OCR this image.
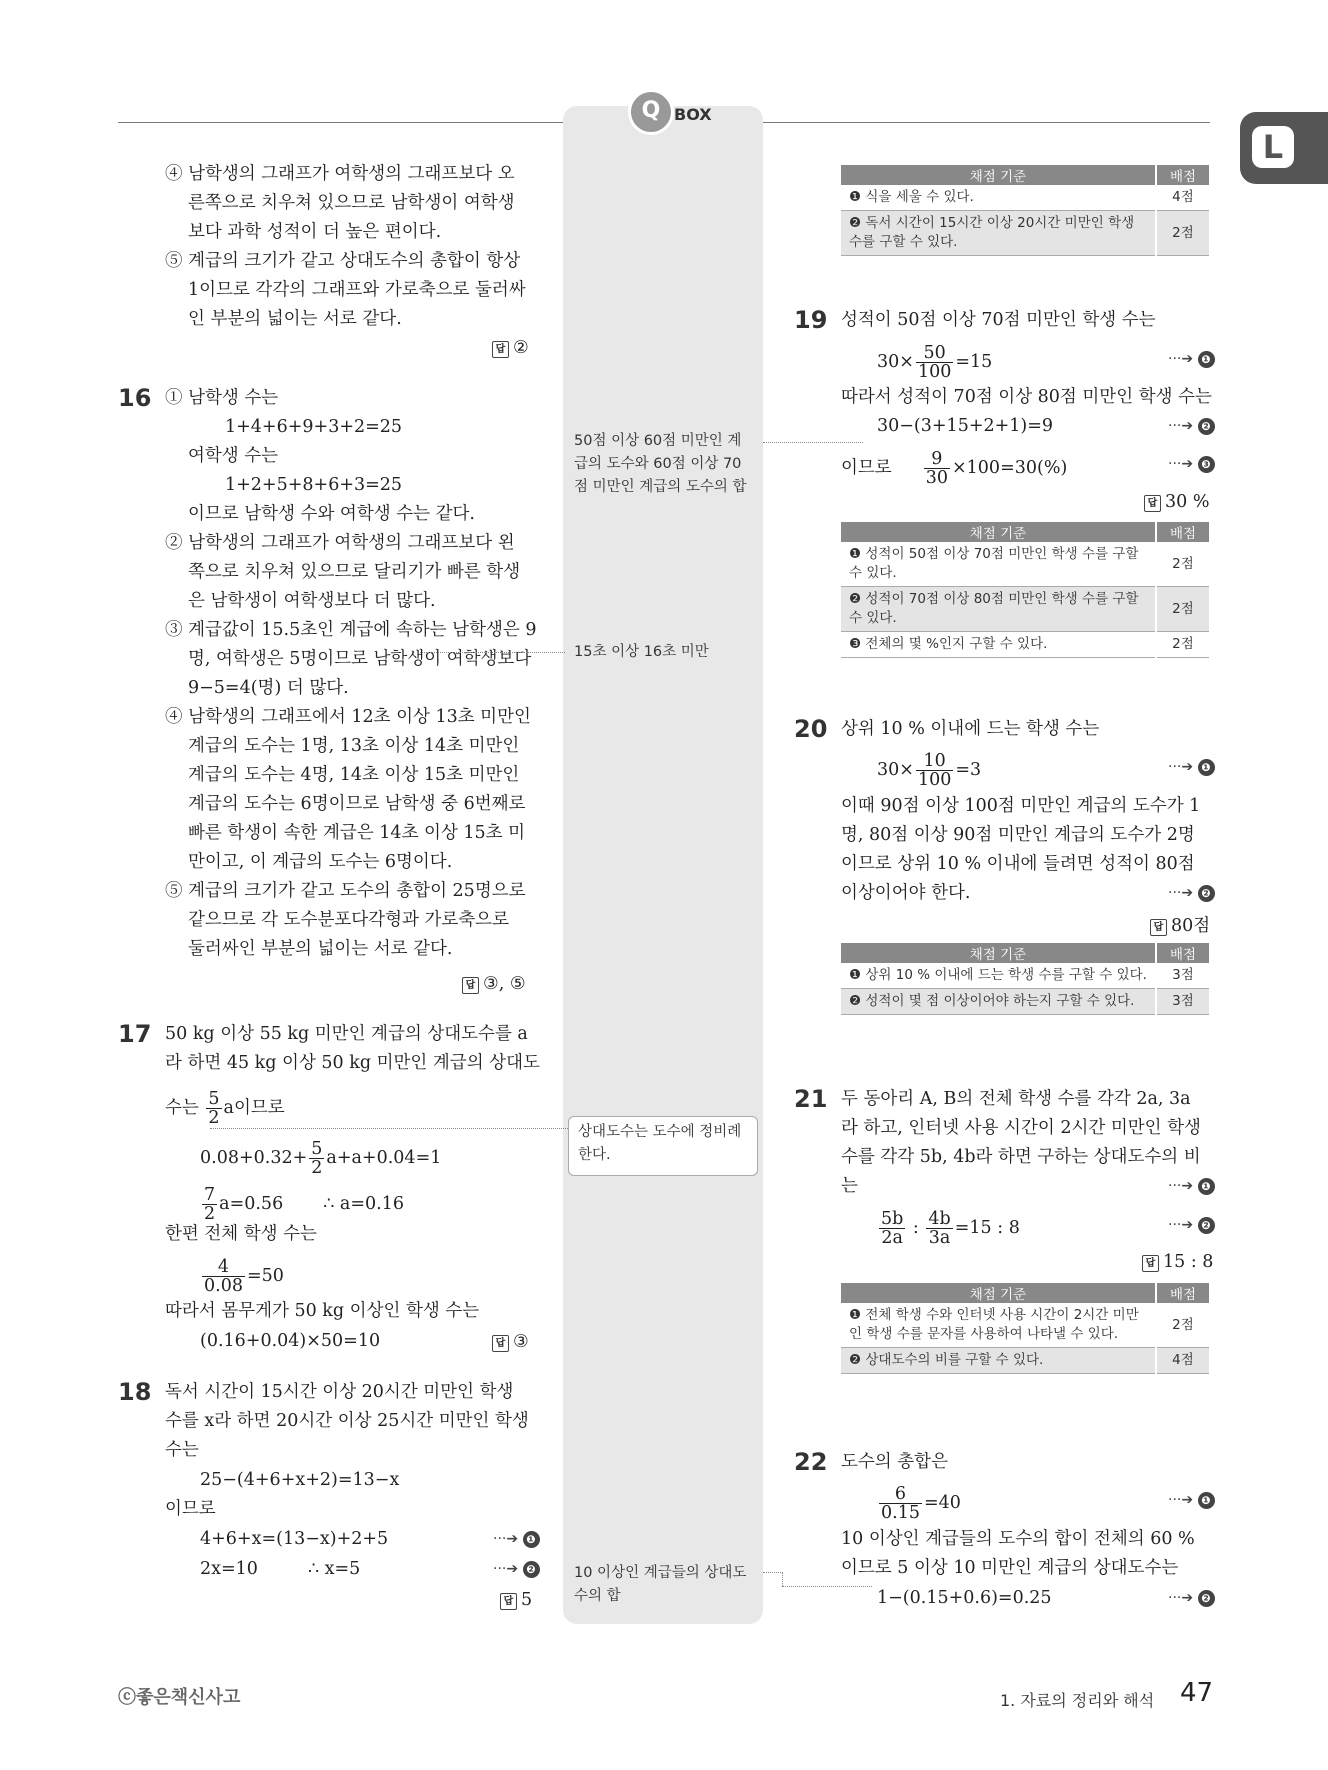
Q BOX
L
④ 남학생의 그래프가 여학생의 그래프보다 오
른쪽으로 치우쳐 있으므로 남학생이 여학생
보다 과학 성적이 더 높은 편이다.
⑤ 계급의 크기가 같고 상대도수의 총합이 항상
1이므로 각각의 그래프와 가로축으로 둘러싸
인 부분의 넓이는 서로 같다.
답 ②
16 ① 남학생 수는
1+4+6+9+3+2=25
여학생 수는
1+2+5+8+6+3=25
이므로 남학생 수와 여학생 수는 같다.
② 남학생의 그래프가 여학생의 그래프보다 왼
쪽으로 치우쳐 있으므로 달리기가 빠른 학생
은 남학생이 여학생보다 더 많다.
③ 계급값이 15.5초인 계급에 속하는 남학생은 9
명, 여학생은 5명이므로 남학생이 여학생보다
9−5=4(명) 더 많다.
④ 남학생의 그래프에서 12초 이상 13초 미만인
계급의 도수는 1명, 13초 이상 14초 미만인
계급의 도수는 4명, 14초 이상 15초 미만인
계급의 도수는 6명이므로 남학생 중 6번째로
빠른 학생이 속한 계급은 14초 이상 15초 미
만이고, 이 계급의 도수는 6명이다.
⑤ 계급의 크기가 같고 도수의 총합이 25명으로
같으므로 각 도수분포다각형과 가로축으로
둘러싸인 부분의 넓이는 서로 같다.
답 ③, ⑤
17 50 kg 이상 55 kg 미만인 계급의 상대도수를 a
라 하면 45 kg 이상 50 kg 미만인 계급의 상대도
수는 $\frac{5}{2}$ a이므로
$0.08+0.32+ \frac{5}{2} a+a+0.04=1$
$\frac{7}{2} a=0.56$ ∴ a=0.16
한편 전체 학생 수는
$\frac{4}{0.08} =50$
따라서 몸무게가 50 kg 이상인 학생 수는
(0.16+0.04)×50=10	답 ③
18 독서 시간이 15시간 이상 20시간 미만인 학생
수를 x라 하면 20시간 이상 25시간 미만인 학생
수는
25−(4+6+x+2)=13−x
이므로
4+6+x=(13−x)+2+5	···➔ ❶
2x=10	∴ x=5	···➔ ❷
답 5
50점 이상 60점 미만인 계
급의 도수와 60점 이상 70
점 미만인 계급의 도수의 합
15초 이상 16초 미만
상대도수는 도수에 정비례
한다.
10 이상인 계급들의 상대도
수의 합
채점 기준	배점
❶ 식을 세울 수 있다.	4점
❷ 독서 시간이 15시간 이상 20시간 미만인 학생 수를 구할 수 있다.	2점
19 성적이 50점 이상 70점 미만인 학생 수는
$30\times \frac{50}{100} =15$	···➔ ❶
따라서 성적이 70점 이상 80점 미만인 학생 수는
30−(3+15+2+1)=9	···➔ ❷
이므로 $\frac{9}{30} \times 100=30(\%)$	···➔ ❸
답 30 %
채점 기준	배점
❶ 성적이 50점 이상 70점 미만인 학생 수를 구할 수 있다.	2점
❷ 성적이 70점 이상 80점 미만인 학생 수를 구할 수 있다.	2점
❸ 전체의 몇 %인지 구할 수 있다.	2점
20 상위 10 % 이내에 드는 학생 수는
$30\times \frac{10}{100} =3$	···➔ ❶
이때 90점 이상 100점 미만인 계급의 도수가 1
명, 80점 이상 90점 미만인 계급의 도수가 2명
이므로 상위 10 % 이내에 들려면 성적이 80점
이상이어야 한다.	···➔ ❷
답 80점
채점 기준	배점
❶ 상위 10 % 이내에 드는 학생 수를 구할 수 있다.	3점
❷ 성적이 몇 점 이상이어야 하는지 구할 수 있다.	3점
21 두 동아리 A, B의 전체 학생 수를 각각 2a, 3a
라 하고, 인터넷 사용 시간이 2시간 미만인 학생
수를 각각 5b, 4b라 하면 구하는 상대도수의 비
는	···➔ ❶
$\frac{5b}{2a}$ : $\frac{4b}{3a} =15$ : 8	···➔ ❷
답 15 : 8
채점 기준	배점
❶ 전체 학생 수와 인터넷 사용 시간이 2시간 미만인 학생 수를 문자를 사용하여 나타낼 수 있다.	2점
❷ 상대도수의 비를 구할 수 있다.	4점
22 도수의 총합은
$\frac{6}{0.15} =40$	···➔ ❶
10 이상인 계급들의 도수의 합이 전체의 60 %
이므로 5 이상 10 미만인 계급의 상대도수는
1−(0.15+0.6)=0.25	···➔ ❷
ⓒ좋은책신사고	1. 자료의 정리와 해석 47
